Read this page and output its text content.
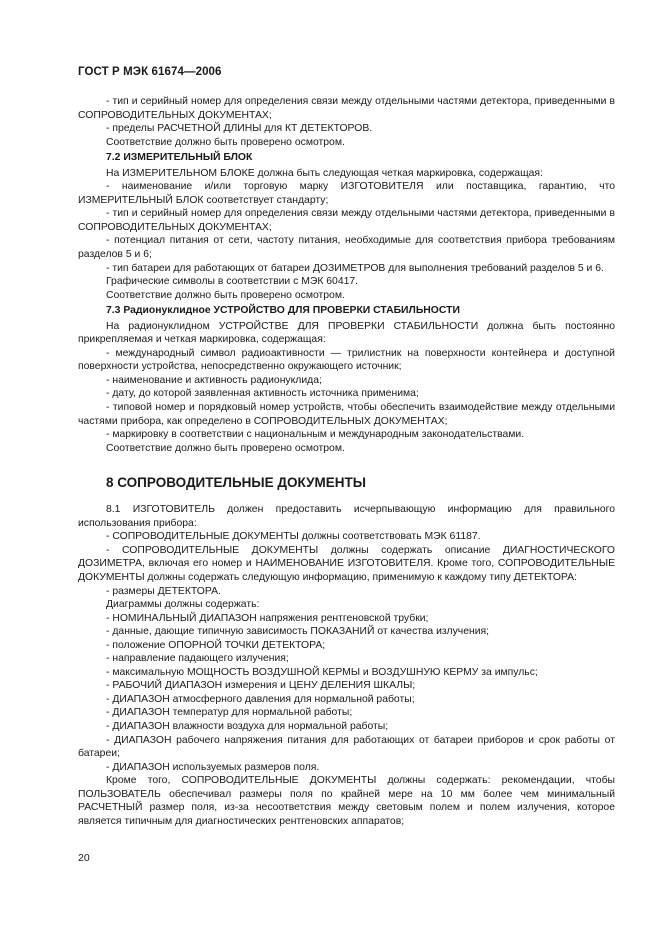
ГОСТ Р МЭК 61674—2006

- тип и серийный номер для определения связи между отдельными частями детектора, приведенными в СОПРОВОДИТЕЛЬНЫХ ДОКУМЕНТАХ;

- пределы РАСЧЕТНОЙ ДЛИНЫ для КТ ДЕТЕКТОРОВ.

Соответствие должно быть проверено осмотром.

7.2 ИЗМЕРИТЕЛЬНЫЙ БЛОК

На ИЗМЕРИТЕЛЬНОМ БЛОКЕ должна быть следующая четкая маркировка, содержащая:

- наименование и/или торговую марку ИЗГОТОВИТЕЛЯ или поставщика, гарантию, что ИЗМЕРИТЕЛЬНЫЙ БЛОК соответствует стандарту;

- тип и серийный номер для определения связи между отдельными частями детектора, приведенными в СОПРОВОДИТЕЛЬНЫХ ДОКУМЕНТАХ;

- потенциал питания от сети, частоту питания, необходимые для соответствия прибора требованиям разделов 5 и 6;

- тип батареи для работающих от батареи ДОЗИМЕТРОВ для выполнения требований разделов 5 и 6.

Графические символы в соответствии с МЭК 60417.

Соответствие должно быть проверено осмотром.

7.3 Радионуклидное УСТРОЙСТВО ДЛЯ ПРОВЕРКИ СТАБИЛЬНОСТИ

На радионуклидном УСТРОЙСТВЕ ДЛЯ ПРОВЕРКИ СТАБИЛЬНОСТИ должна быть постоянно прикрепляемая и четкая маркировка, содержащая:

- международный символ радиоактивности — трилистник на поверхности контейнера и доступной поверхности устройства, непосредственно окружающего источник;

- наименование и активность радионуклида;

- дату, до которой заявленная активность источника применима;

- типовой номер и порядковый номер устройств, чтобы обеспечить взаимодействие между отдельными частями прибора, как определено в СОПРОВОДИТЕЛЬНЫХ ДОКУМЕНТАХ;

- маркировку в соответствии с национальным и международным законодательствами.

Соответствие должно быть проверено осмотром.

8 СОПРОВОДИТЕЛЬНЫЕ ДОКУМЕНТЫ

8.1 ИЗГОТОВИТЕЛЬ должен предоставить исчерпывающую информацию для правильного использования прибора:

- СОПРОВОДИТЕЛЬНЫЕ ДОКУМЕНТЫ должны соответствовать МЭК 61187.

- СОПРОВОДИТЕЛЬНЫЕ ДОКУМЕНТЫ должны содержать описание ДИАГНОСТИЧЕСКОГО ДОЗИМЕТРА, включая его номер и НАИМЕНОВАНИЕ ИЗГОТОВИТЕЛЯ. Кроме того, СОПРОВОДИТЕЛЬНЫЕ ДОКУМЕНТЫ должны содержать следующую информацию, применимую к каждому типу ДЕТЕКТОРА:

- размеры ДЕТЕКТОРА.

Диаграммы должны содержать:

- НОМИНАЛЬНЫЙ ДИАПАЗОН напряжения рентгеновской трубки;

- данные, дающие типичную зависимость ПОКАЗАНИЙ от качества излучения;

- положение ОПОРНОЙ ТОЧКИ ДЕТЕКТОРА;

- направление падающего излучения;

- максимальную МОЩНОСТЬ ВОЗДУШНОЙ КЕРМЫ и ВОЗДУШНУЮ КЕРМУ за импульс;

- РАБОЧИЙ ДИАПАЗОН измерения и ЦЕНУ ДЕЛЕНИЯ ШКАЛЫ;

- ДИАПАЗОН атмосферного давления для нормальной работы;

- ДИАПАЗОН температур для нормальной работы;

- ДИАПАЗОН влажности воздуха для нормальной работы;

- ДИАПАЗОН рабочего напряжения питания для работающих от батареи приборов и срок работы от батареи;

- ДИАПАЗОН используемых размеров поля.

Кроме того, СОПРОВОДИТЕЛЬНЫЕ ДОКУМЕНТЫ должны содержать: рекомендации, чтобы ПОЛЬЗОВАТЕЛЬ обеспечивал размеры поля по крайней мере на 10 мм более чем минимальный РАСЧЕТНЫЙ размер поля, из-за несоответствия между световым полем и полем излучения, которое является типичным для диагностических рентгеновских аппаратов;

20
